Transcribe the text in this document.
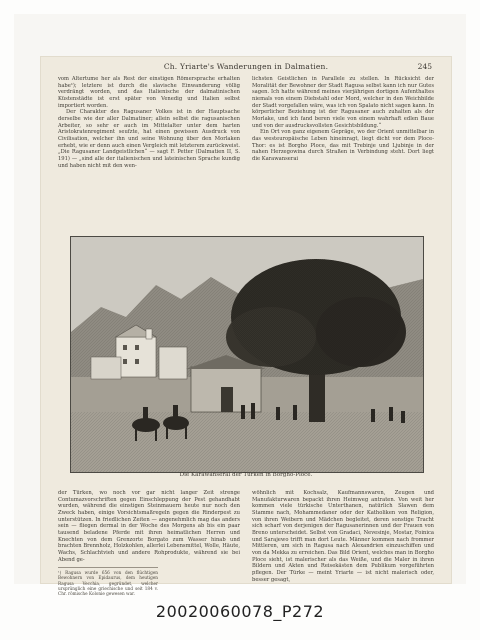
Ch. Yriarte's Wanderungen in Dalmatien.	245

vom Altertume her als Rest der einstigen Römersprache erhalten habe¹); letztere ist durch die slavische Einwanderung völlig verdrängt worden, und das Italienische der dalmatinischen Küstenstädte ist erst später von Venedig und Italien selbst importiert worden.

Der Charakter des Ragusaner Volkes ist in der Hauptsache derselbe wie der aller Dalmatiner; allein selbst die ragusanischen Arbeiter, so sehr er auch im Mittelalter unter dem harten Aristokratenregiment seufzte, hat einen gewissen Ausdruck von Civilisation, welcher ihn und seine Wohnung über den Morlaken erhebt, wie er denn auch einen Vergleich mit letzterem zurückweist. „Die Ragusaner Landgeistlichen“ — sagt F. Petter (Dalmatien II, S. 191) — „sind alle der italienischen und lateinischen Sprache kundig und haben nicht mit den wen-

lichsten Geistlichen in Parallele zu stellen. In Rücksicht der Moralität der Bewohner der Stadt Ragusa selbst kann ich nur Gutes sagen. Ich hatte während meines vierjährigen dortigen Aufenthaltes niemals von einem Diebstahl oder Mord, welcher in den Weichbilde der Stadt vorgefallen wäre, was ich von Spalato nicht sagen kann. In körperlicher Beziehung ist der Ragusaner auch zuhalten als der Morlake, und ich fand beren viele von einem wahrhaft edlen Baue und von der ausdrucksvollsten Gesichtsbildung.“

Ein Ort von ganz eigenem Gepräge, wo der Orient unmittelbar in das westeuropäische Leben hineinragt, liegt dicht vor dem Ploce-Thor: es ist Borgho Ploce, das mit Trebinje und Ljubinje in der nahen Herzegowina durch Straßen in Verbindung steht. Dort liegt die Karawanserai

Die Karawanserai der Türken in Borgho-Ploce.

der Türken, wo noch vor gar nicht langer Zeit strenge Contumazvorschriften gegen Einschleppung der Pest gehandhabt wurden, während die einstigen Steinmauern heute nur noch den Zweck haben, einige Vorsichtsmaßregeln gegen die Rinderpest zu unterstützen. In friedlichen Zeiten — angenehmlich mag das anders sein — fliegen dermal in der Woche des Morgens ab bis ein paar tausend beladene Pferde mit ihren heimatlichen Herren und Knechten von dem Grenzorte Borgato zum Wasser hinab und brachten Brennholz, Holzkohlen, allerlei Lebensmittel, Wolle, Häute, Wachs, Schlachtvieh und andere Rohprodukte, während sie bei Abend ge-

¹) Ragusa wurde 656 von den flüchtigen Bewohnern von Epidaurus, dem heutigen Ragusa Vecchia, gegründet, welcher ursprünglich eine griechische und seit 184 v. Chr. römische Kolonie gewesen war.

wöhnlich mit Kochsalz, Kaufmannswaren, Zeugen und Manufakturwaren bepackt ihren Heimweg antraten. Von weit her kommen viele türkische Unterthanen, natürlich Slawen dem Stamme nach, Mohammedaner oder der Katholiken von Religion, von ihren Weibern und Mädchen begleitet, deren sonstige Tracht sich scharf von derjenigen der Ragusanerinnen und der Frauen von Breno unterscheidet. Selbst von Gradaci, Nevesinje, Mostar, Foinica und Sarajewo trifft man dort Leute. Männer kommen nach frommer Mittleren, um sich in Ragusa nach Alexandrien einzuschiffen und von da Mekka zu erreichen. Das Bild Orient, welches man in Borgho Ploce sieht, ist malerischer als das Weiße, und die Maler in ihren Bildern und Akten und Reisekästen dem Publikum vorgeführten pflegen. Der Türke — meint Yriarte — ist nicht malerisch oder, besser gesagt,

20020060078_P272
